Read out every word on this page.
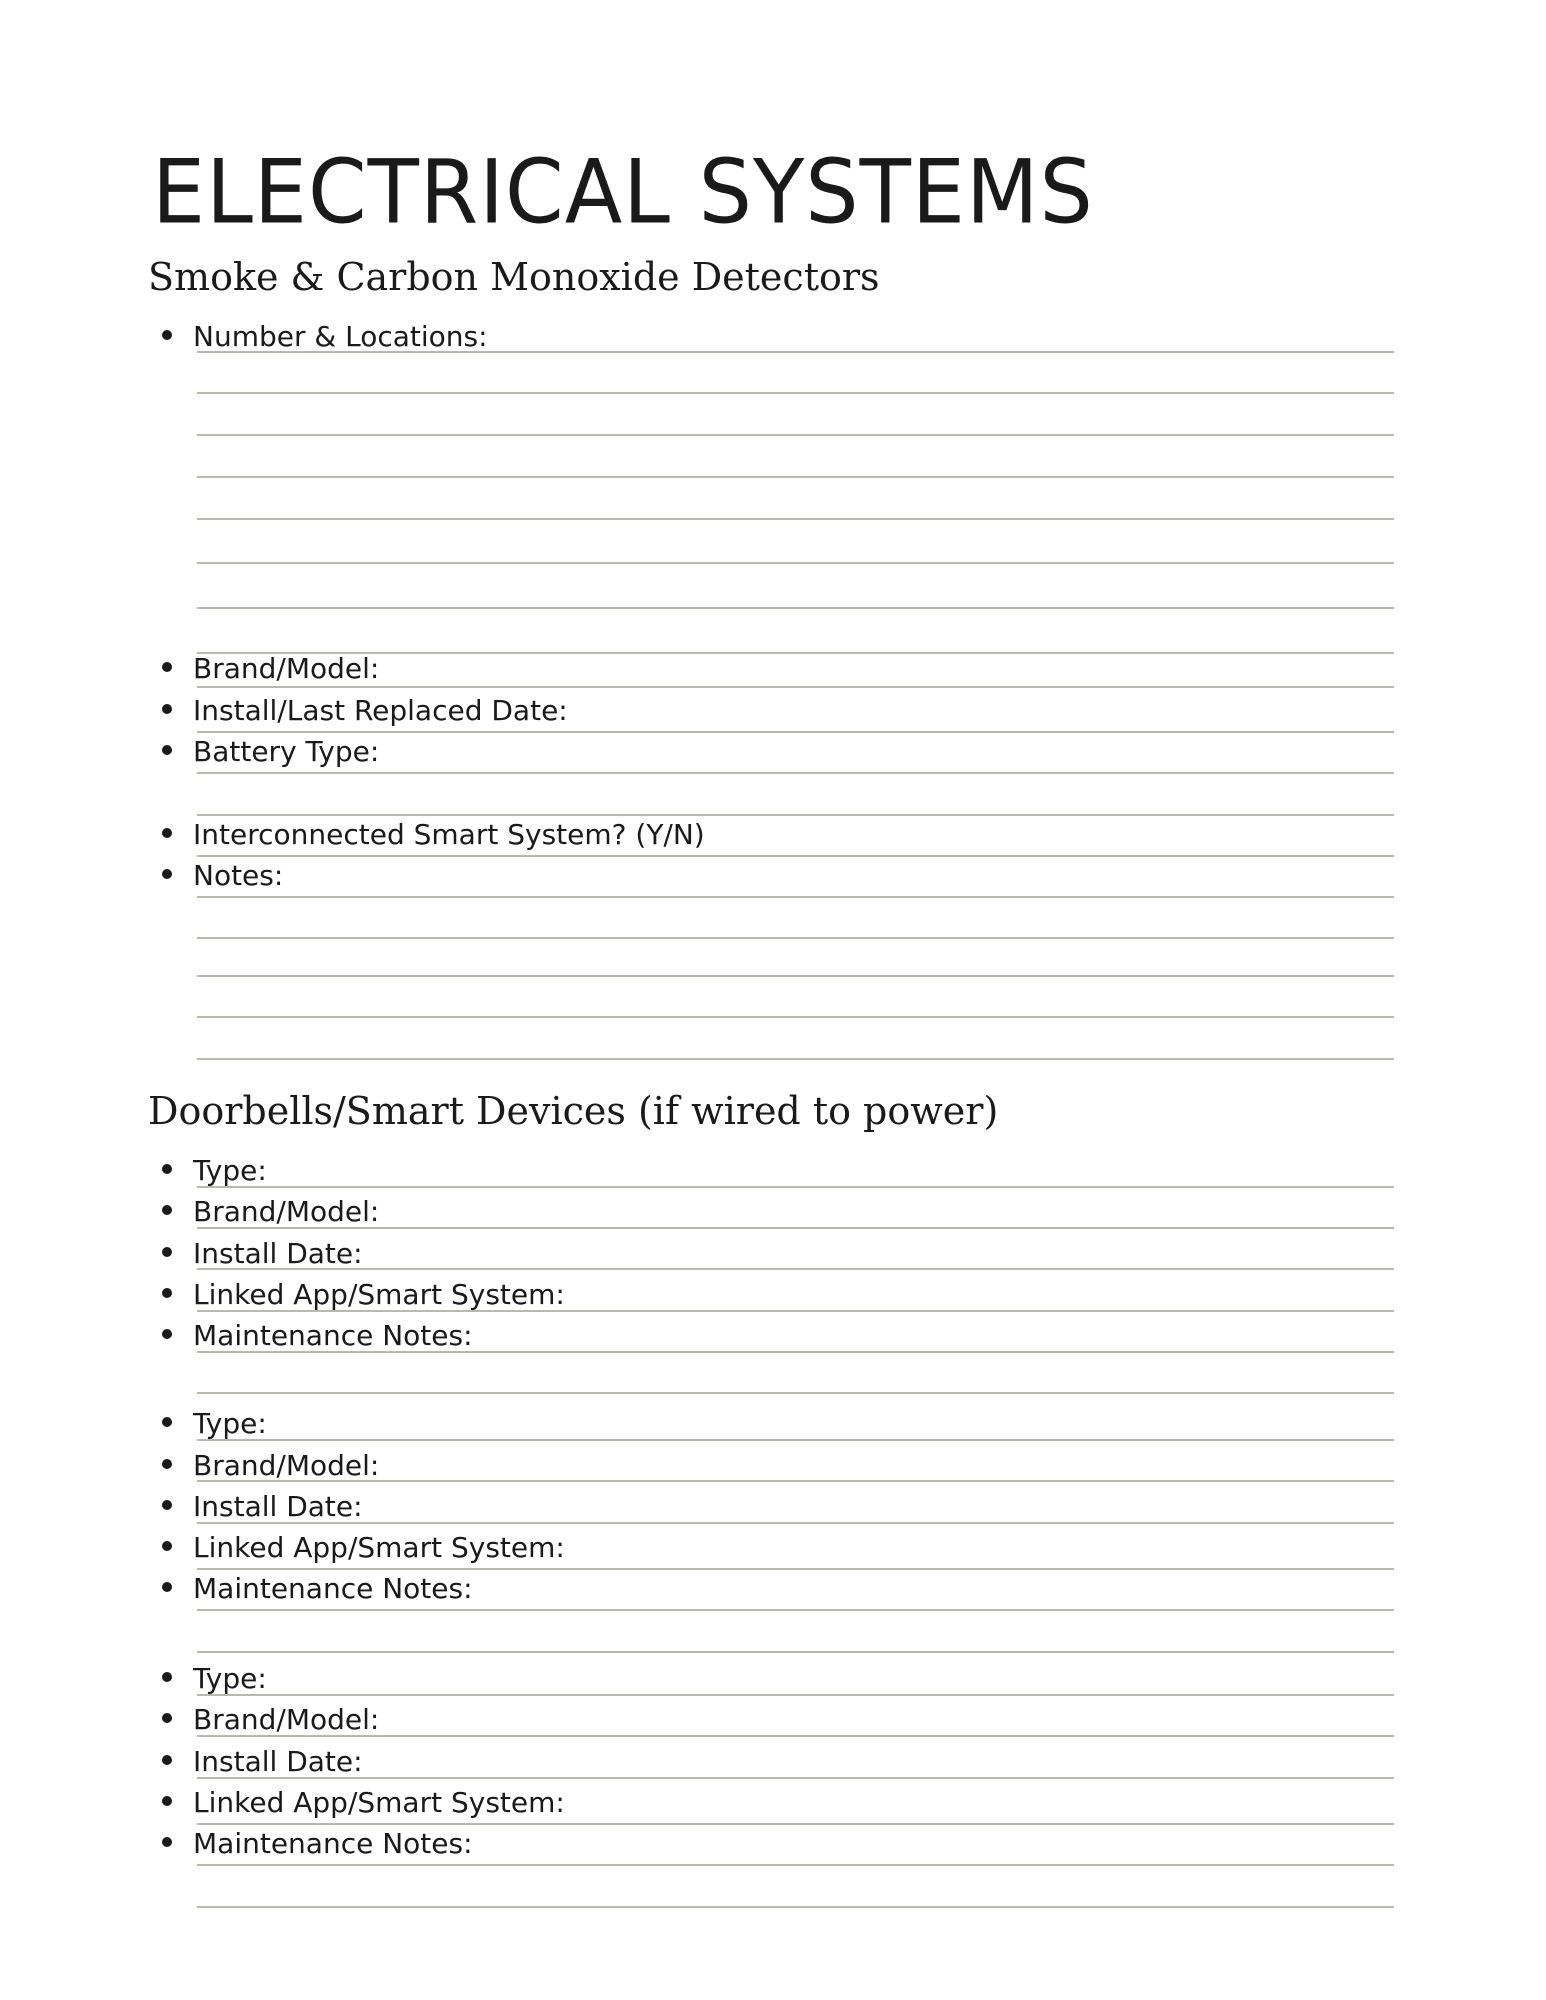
ELECTRICAL SYSTEMS
Smoke & Carbon Monoxide Detectors

Number & Locations:

Brand/Model:

Install/Last Replaced Date:

Battery Type:

Interconnected Smart System? (Y/N)

Notes:

Doorbells/Smart Devices (if wired to power)

Type:

Brand/Model:

Install Date:

Linked App/Smart System:

Maintenance Notes:

Type:

Brand/Model:

Install Date:

Linked App/Smart System:

Maintenance Notes:

Type:

Brand/Model:

Install Date:

Linked App/Smart System:

Maintenance Notes:
